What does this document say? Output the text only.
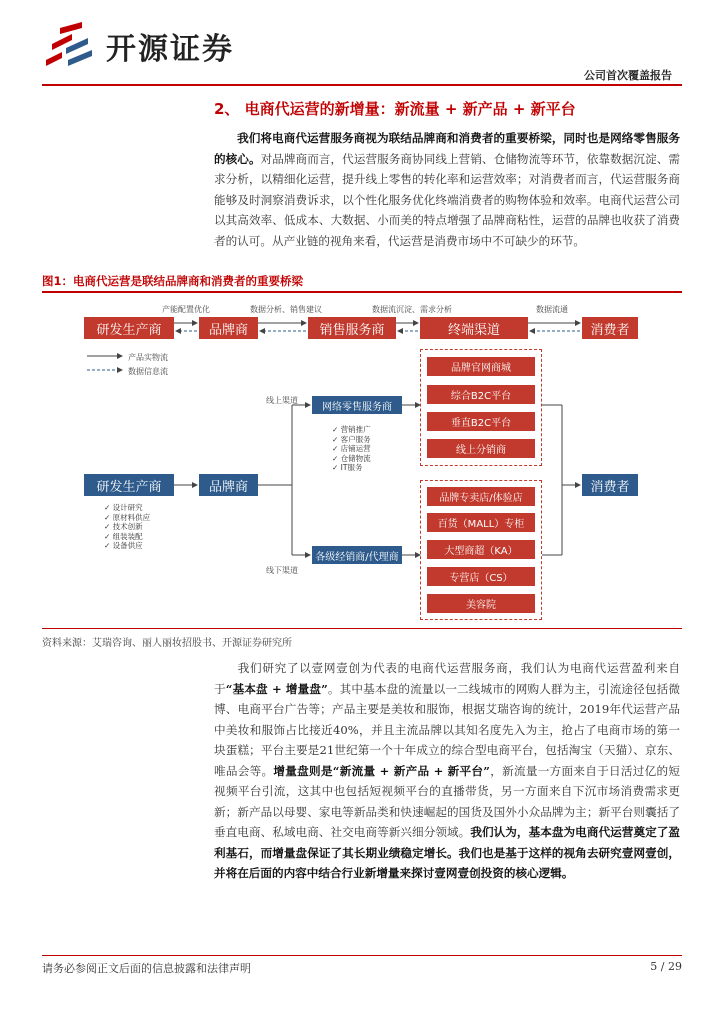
开源证券
公司首次覆盖报告
2、 电商代运营的新增量：新流量 + 新产品 + 新平台
我们将电商代运营服务商视为联结品牌商和消费者的重要桥梁，同时也是网络零售服务的核心。对品牌商而言，代运营服务商协同线上营销、仓储物流等环节，依靠数据沉淀、需求分析，以精细化运营，提升线上零售的转化率和运营效率；对消费者而言，代运营服务商能够及时洞察消费诉求，以个性化服务优化终端消费者的购物体验和效率。电商代运营公司以其高效率、低成本、大数据、小而美的特点增强了品牌商粘性，运营的品牌也收获了消费者的认可。从产业链的视角来看，代运营是消费市场中不可缺少的环节。
图1：电商代运营是联结品牌商和消费者的重要桥梁
研发生产商	品牌商	销售服务商	终端渠道	消费者
产能配置优化	数据分析、销售建议	数据流沉淀、需求分析	数据流通
产品实物流
数据信息流
研发生产商	品牌商	消费者
✓ 设计研究
✓ 原材料供应
✓ 技术创新
✓ 组装装配
✓ 设备供应
线上渠道
线下渠道
网络零售服务商
✓ 营销推广
✓ 客户服务
✓ 店铺运营
✓ 仓储物流
✓ IT服务
各级经销商/代理商
品牌官网商城
综合B2C平台
垂直B2C平台
线上分销商
品牌专卖店/体验店
百货（MALL）专柜
大型商超（KA）
专营店（CS）
美容院
资料来源：艾瑞咨询、丽人丽妆招股书、开源证券研究所
我们研究了以壹网壹创为代表的电商代运营服务商，我们认为电商代运营盈利来自于“基本盘 + 增量盘”。其中基本盘的流量以一二线城市的网购人群为主，引流途径包括微博、电商平台广告等；产品主要是美妆和服饰，根据艾瑞咨询的统计，2019年代运营产品中美妆和服饰占比接近40%，并且主流品牌以其知名度先入为主，抢占了电商市场的第一块蛋糕；平台主要是21世纪第一个十年成立的综合型电商平台，包括淘宝（天猫）、京东、唯品会等。增量盘则是“新流量 + 新产品 + 新平台”，新流量一方面来自于日活过亿的短视频平台引流，这其中也包括短视频平台的直播带货，另一方面来自下沉市场消费需求更新；新产品以母婴、家电等新品类和快速崛起的国货及国外小众品牌为主；新平台则囊括了垂直电商、私域电商、社交电商等新兴细分领域。我们认为，基本盘为电商代运营奠定了盈利基石，而增量盘保证了其长期业绩稳定增长。我们也是基于这样的视角去研究壹网壹创，并将在后面的内容中结合行业新增量来探讨壹网壹创投资的核心逻辑。
请务必参阅正文后面的信息披露和法律声明	5 / 29
